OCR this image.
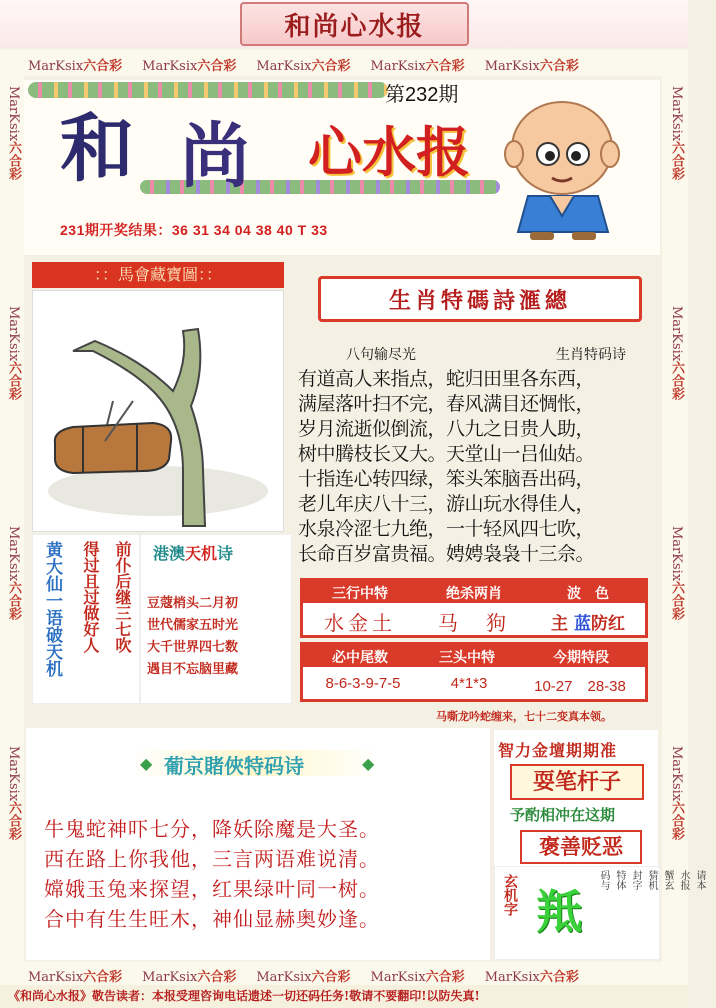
MarKsix六合彩 MarKsix六合彩 MarKsix六合彩 MarKsix六合彩 MarKsix六合彩
MarKsix六合彩 MarKsix六合彩 MarKsix六合彩 MarKsix六合彩 MarKsix六合彩
MarKsix六合彩
MarKsix六合彩
MarKsix六合彩
MarKsix六合彩
MarKsix六合彩
MarKsix六合彩
MarKsix六合彩
MarKsix六合彩
和尚心水报
和 尚 心水报
第232期
231期开奖结果：36 31 34 04 38 40 T 33
：：馬會藏寶圖：：
黄大仙一语破天机 得过且过做好人 前仆后继三七吹 港澳天机诗
豆蔻梢头二月初
世代儒家五时光
大千世界四七数
遇目不忘脑里藏
生肖特碼詩滙總
八句输尽光	生肖特码诗
有道高人来指点，蛇归田里各东西，
满屋落叶扫不完，春风满目还惆怅，
岁月流逝似倒流，八九之日贵人助，
树中腾枝长又大。天堂山一吕仙姑。
十指连心转四绿，笨头笨脑吾出码，
老儿年庆八十三，游山玩水得佳人，
水泉冷涩七九绝，一十轻风四七吹，
长命百岁富贵福。娉娉袅袅十三佘。
三行中特	绝杀两肖	波　色
水金土	马　狗	主 蓝防红
必中尾数	三头中特	今期特段
8-6-3-9-7-5	4*1*3	10-27　28-38
马嘶龙吟蛇缠来，七十二变真本领。
◆ 葡京賭俠特码诗	◆
牛鬼蛇神吓七分，降妖除魔是大圣。
西在路上你我他，三言两语难说清。
嫦娥玉兔来探望，红果绿叶同一树。
合中有生生旺木，神仙显赫奥妙逢。
智力金壇期期准
耍笔杆子
予酌相冲在这期
褒善贬恶
玄机字 羝
请本
水报
蟹玄
猜机
封字
特体
码与
《和尚心水报》敬告读者：本报受理咨询电话遗述一切还码任务!敬请不要翻印!以防失真!
